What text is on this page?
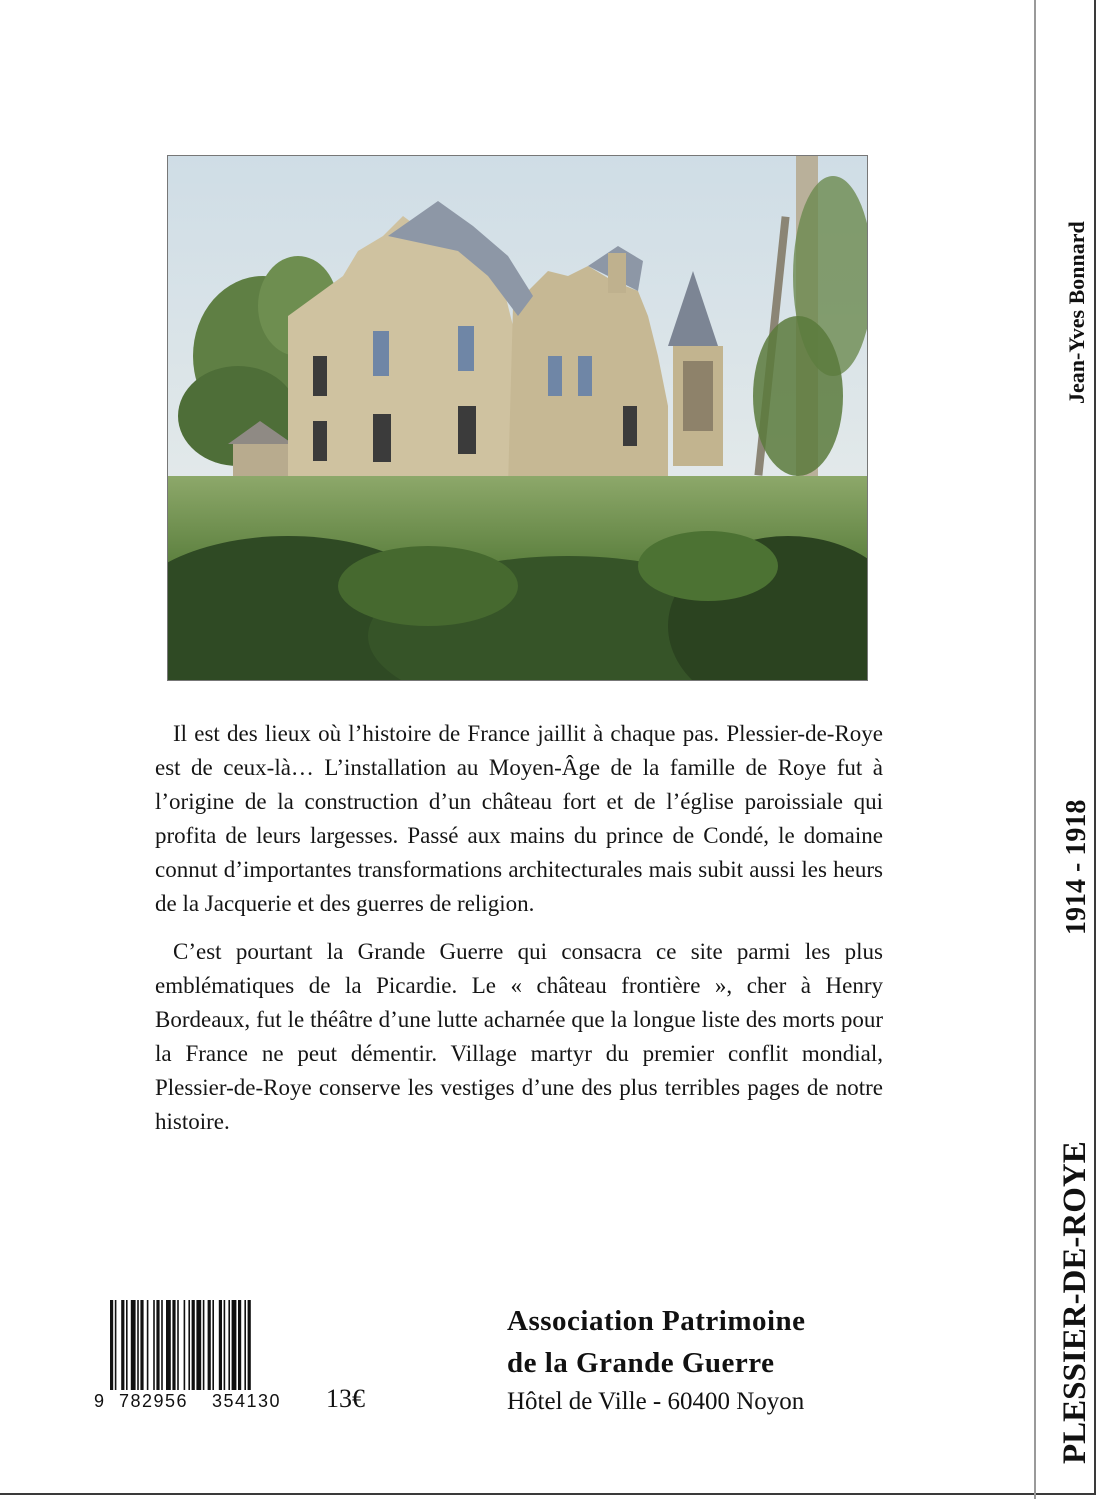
Il est des lieux où l’histoire de France jaillit à chaque pas. Plessier-de-Roye est de ceux-là… L’installation au Moyen-Âge de la famille de Roye fut à l’origine de la construction d’un château fort et de l’église paroissiale qui profita de leurs largesses. Passé aux mains du prince de Condé, le domaine connut d’importantes transformations architecturales mais subit aussi les heurs de la Jacquerie et des guerres de religion.

C’est pourtant la Grande Guerre qui consacra ce site parmi les plus emblématiques de la Picardie. Le « château frontière », cher à Henry Bordeaux, fut le théâtre d’une lutte acharnée que la longue liste des morts pour la France ne peut démentir. Village martyr du premier conflit mondial, Plessier-de-Roye conserve les vestiges d’une des plus terribles pages de notre histoire.

9 782956 354130 13€
Association Patrimoine
de la Grande Guerre
Hôtel de Ville - 60400 Noyon
Jean-Yves Bonnard
1914 - 1918
PLESSIER-DE-ROYE
